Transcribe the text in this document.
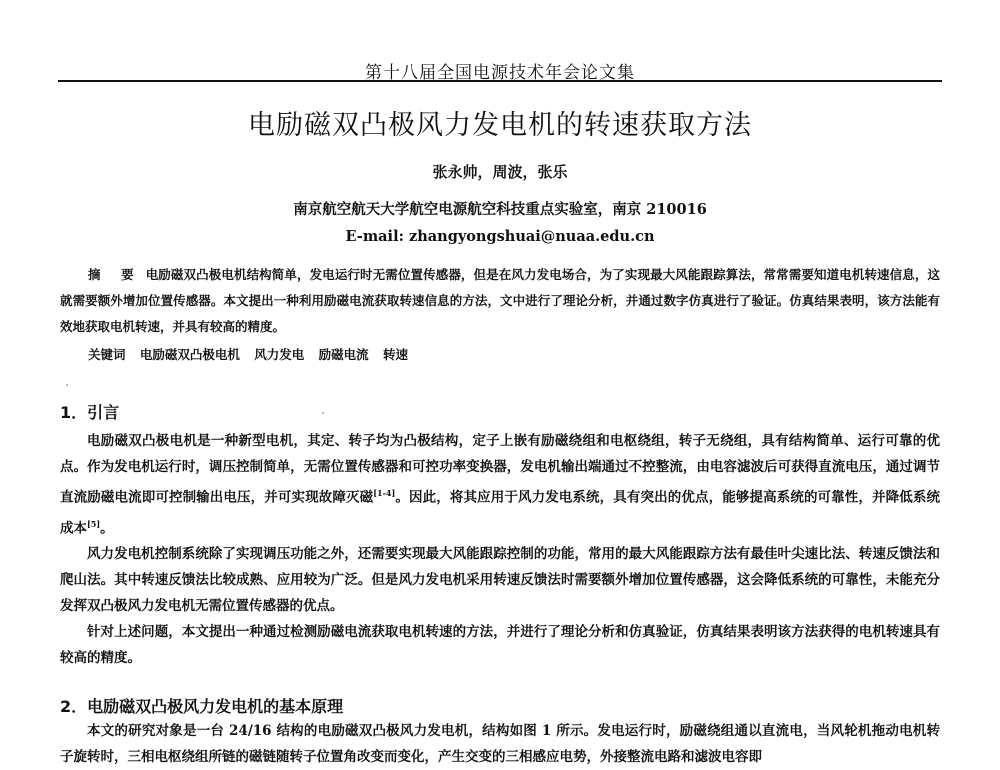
第十八届全国电源技术年会论文集
电励磁双凸极风力发电机的转速获取方法
张永帅，周波，张乐
南京航空航天大学航空电源航空科技重点实验室，南京 210016
E-mail: zhangyongshuai@nuaa.edu.cn
摘 要 电励磁双凸极电机结构简单，发电运行时无需位置传感器，但是在风力发电场合，为了实现最大风能跟踪算法，常常需要知道电机转速信息，这就需要额外增加位置传感器。本文提出一种利用励磁电流获取转速信息的方法，文中进行了理论分析，并通过数字仿真进行了验证。仿真结果表明，该方法能有效地获取电机转速，并具有较高的精度。
关键词 电励磁双凸极电机 风力发电 励磁电流 转速
1．引言

电励磁双凸极电机是一种新型电机，其定、转子均为凸极结构，定子上嵌有励磁绕组和电枢绕组，转子无绕组，具有结构简单、运行可靠的优点。作为发电机运行时，调压控制简单，无需位置传感器和可控功率变换器，发电机输出端通过不控整流，由电容滤波后可获得直流电压，通过调节直流励磁电流即可控制输出电压，并可实现故障灭磁[1-4]。因此，将其应用于风力发电系统，具有突出的优点，能够提高系统的可靠性，并降低系统成本[5]。

风力发电机控制系统除了实现调压功能之外，还需要实现最大风能跟踪控制的功能，常用的最大风能跟踪方法有最佳叶尖速比法、转速反馈法和爬山法。其中转速反馈法比较成熟、应用较为广泛。但是风力发电机采用转速反馈法时需要额外增加位置传感器，这会降低系统的可靠性，未能充分发挥双凸极风力发电机无需位置传感器的优点。

针对上述问题，本文提出一种通过检测励磁电流获取电机转速的方法，并进行了理论分析和仿真验证，仿真结果表明该方法获得的电机转速具有较高的精度。

2．电励磁双凸极风力发电机的基本原理

本文的研究对象是一台 24/16 结构的电励磁双凸极风力发电机，结构如图 1 所示。发电运行时，励磁绕组通以直流电，当风轮机拖动电机转子旋转时，三相电枢绕组所链的磁链随转子位置角改变而变化，产生交变的三相感应电势，外接整流电路和滤波电容即
